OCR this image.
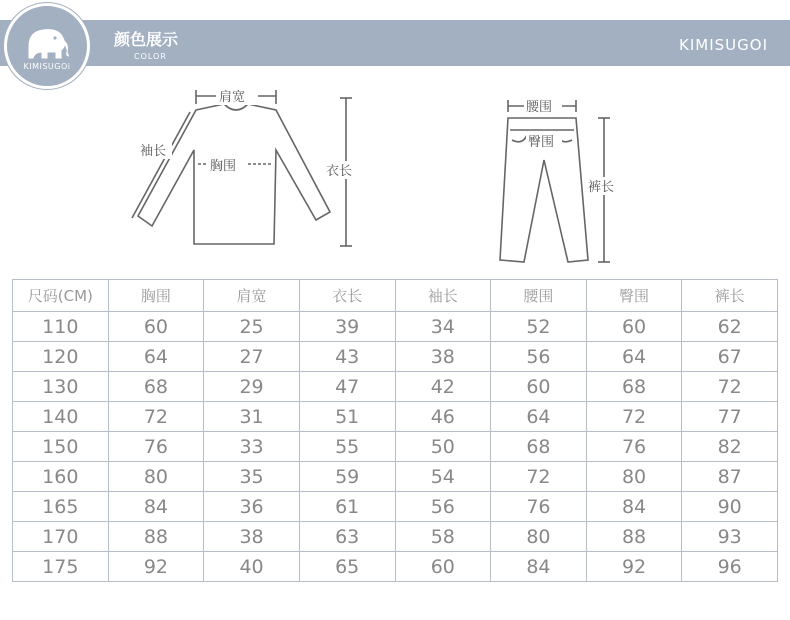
颜色展示
COLOR
KIMISUGOI
KIMISUGOi
肩宽
袖长
胸围	衣长
腰围
臀围
裤长
尺码(CM)	胸围	肩宽	衣长	袖长	腰围	臀围	裤长
110	60	25	39	34	52	60	62
120	64	27	43	38	56	64	67
130	68	29	47	42	60	68	72
140	72	31	51	46	64	72	77
150	76	33	55	50	68	76	82
160	80	35	59	54	72	80	87
165	84	36	61	56	76	84	90
170	88	38	63	58	80	88	93
175	92	40	65	60	84	92	96
